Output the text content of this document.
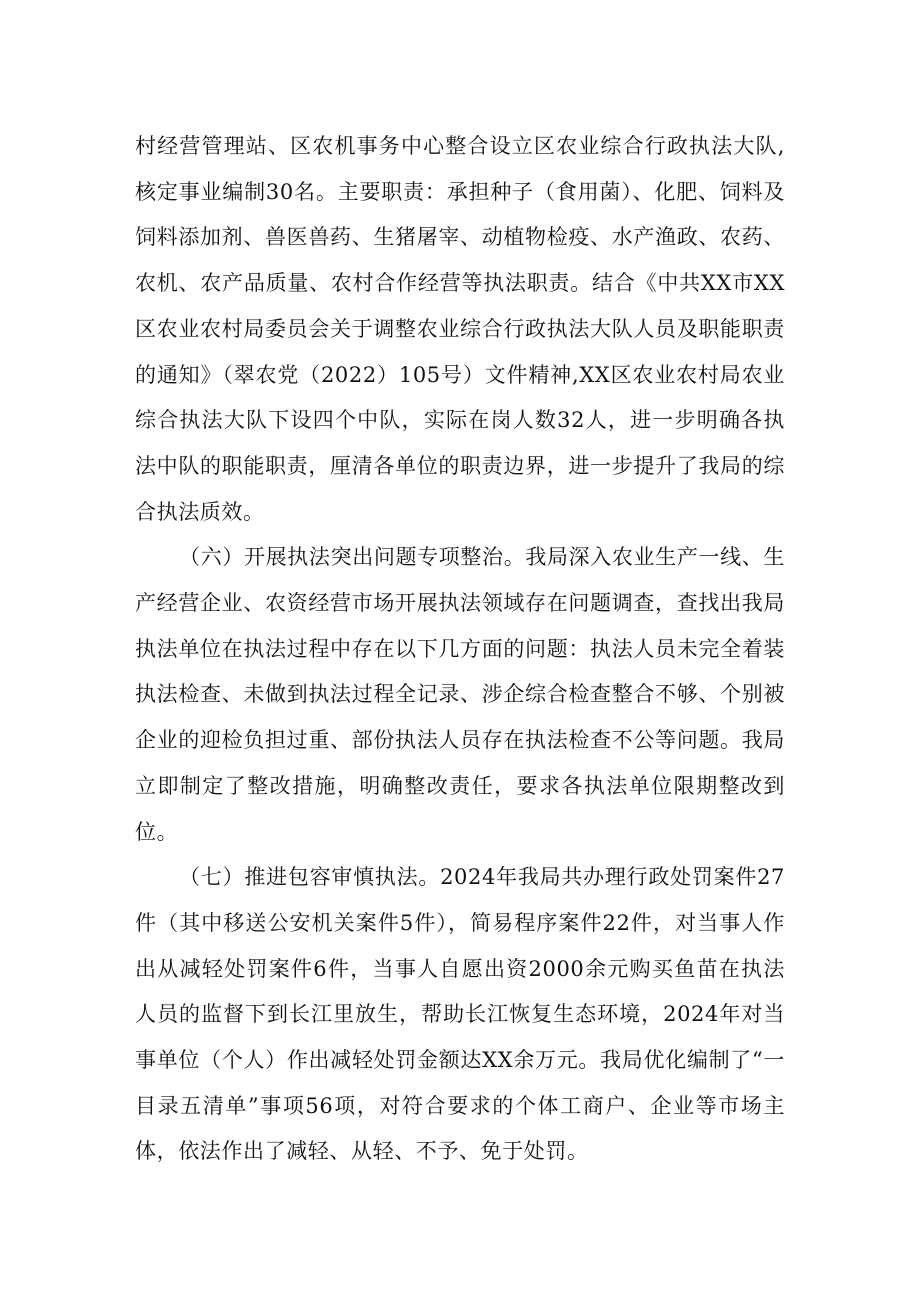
村经营管理站、区农机事务中心整合设立区农业综合行政执法大队,核定事业编制30名。主要职责：承担种子（食用菌）、化肥、饲料及饲料添加剂、兽医兽药、生猪屠宰、动植物检疫、水产渔政、农药、农机、农产品质量、农村合作经营等执法职责。结合《中共XX市XX区农业农村局委员会关于调整农业综合行政执法大队人员及职能职责的通知》（翠农党（2022）105号）文件精神,XX区农业农村局农业综合执法大队下设四个中队，实际在岗人数32人，进一步明确各执法中队的职能职责，厘清各单位的职责边界，进一步提升了我局的综合执法质效。

（六）开展执法突出问题专项整治。我局深入农业生产一线、生产经营企业、农资经营市场开展执法领域存在问题调查，查找出我局执法单位在执法过程中存在以下几方面的问题：执法人员未完全着装执法检查、未做到执法过程全记录、涉企综合检查整合不够、个别被企业的迎检负担过重、部份执法人员存在执法检查不公等问题。我局立即制定了整改措施，明确整改责任，要求各执法单位限期整改到位。

（七）推进包容审慎执法。2024年我局共办理行政处罚案件27件（其中移送公安机关案件5件），简易程序案件22件，对当事人作出从减轻处罚案件6件，当事人自愿出资2000余元购买鱼苗在执法人员的监督下到长江里放生，帮助长江恢复生态环境，2024年对当事单位（个人）作出减轻处罚金额达XX余万元。我局优化编制了“一目录五清单”事项56项，对符合要求的个体工商户、企业等市场主体，依法作出了减轻、从轻、不予、免于处罚。
